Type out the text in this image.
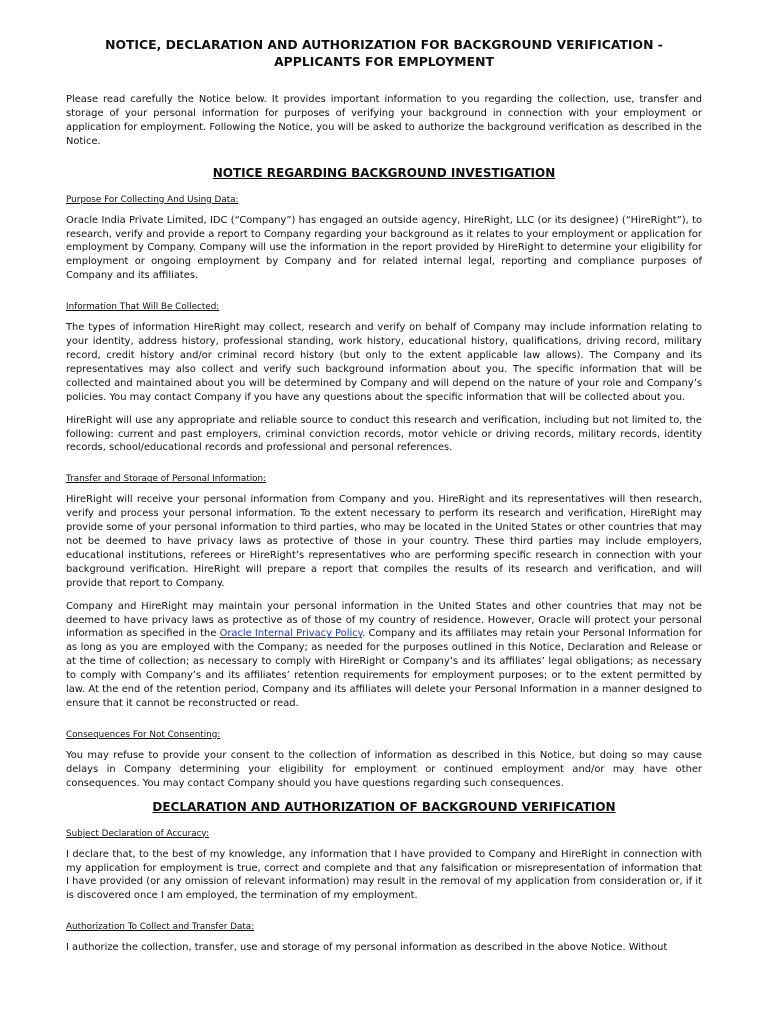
NOTICE, DECLARATION AND AUTHORIZATION FOR BACKGROUND VERIFICATION -
APPLICANTS FOR EMPLOYMENT

Please read carefully the Notice below. It provides important information to you regarding the collection, use, transfer and storage of your personal information for purposes of verifying your background in connection with your employment or application for employment. Following the Notice, you will be asked to authorize the background verification as described in the Notice.

NOTICE REGARDING BACKGROUND INVESTIGATION
Purpose For Collecting And Using Data:

Oracle India Private Limited, IDC (“Company”) has engaged an outside agency, HireRight, LLC (or its designee) (“HireRight”), to research, verify and provide a report to Company regarding your background as it relates to your employment or application for employment by Company. Company will use the information in the report provided by HireRight to determine your eligibility for employment or ongoing employment by Company and for related internal legal, reporting and compliance purposes of Company and its affiliates.

Information That Will Be Collected:

The types of information HireRight may collect, research and verify on behalf of Company may include information relating to your identity, address history, professional standing, work history, educational history, qualifications, driving record, military record, credit history and/or criminal record history (but only to the extent applicable law allows). The Company and its representatives may also collect and verify such background information about you. The specific information that will be collected and maintained about you will be determined by Company and will depend on the nature of your role and Company’s policies. You may contact Company if you have any questions about the specific information that will be collected about you.

HireRight will use any appropriate and reliable source to conduct this research and verification, including but not limited to, the following: current and past employers, criminal conviction records, motor vehicle or driving records, military records, identity records, school/educational records and professional and personal references.

Transfer and Storage of Personal Information:

HireRight will receive your personal information from Company and you. HireRight and its representatives will then research, verify and process your personal information. To the extent necessary to perform its research and verification, HireRight may provide some of your personal information to third parties, who may be located in the United States or other countries that may not be deemed to have privacy laws as protective of those in your country. These third parties may include employers, educational institutions, referees or HireRight’s representatives who are performing specific research in connection with your background verification. HireRight will prepare a report that compiles the results of its research and verification, and will provide that report to Company.

Company and HireRight may maintain your personal information in the United States and other countries that may not be deemed to have privacy laws as protective as of those of my country of residence. However, Oracle will protect your personal information as specified in the Oracle Internal Privacy Policy. Company and its affiliates may retain your Personal Information for as long as you are employed with the Company; as needed for the purposes outlined in this Notice, Declaration and Release or at the time of collection; as necessary to comply with HireRight or Company’s and its affiliates’ legal obligations; as necessary to comply with Company’s and its affiliates’ retention requirements for employment purposes; or to the extent permitted by law. At the end of the retention period, Company and its affiliates will delete your Personal Information in a manner designed to ensure that it cannot be reconstructed or read.

Consequences For Not Consenting:

You may refuse to provide your consent to the collection of information as described in this Notice, but doing so may cause delays in Company determining your eligibility for employment or continued employment and/or may have other consequences. You may contact Company should you have questions regarding such consequences.

DECLARATION AND AUTHORIZATION OF BACKGROUND VERIFICATION
Subject Declaration of Accuracy:

I declare that, to the best of my knowledge, any information that I have provided to Company and HireRight in connection with my application for employment is true, correct and complete and that any falsification or misrepresentation of information that I have provided (or any omission of relevant information) may result in the removal of my application from consideration or, if it is discovered once I am employed, the termination of my employment.

Authorization To Collect and Transfer Data:

I authorize the collection, transfer, use and storage of my personal information as described in the above Notice. Without
